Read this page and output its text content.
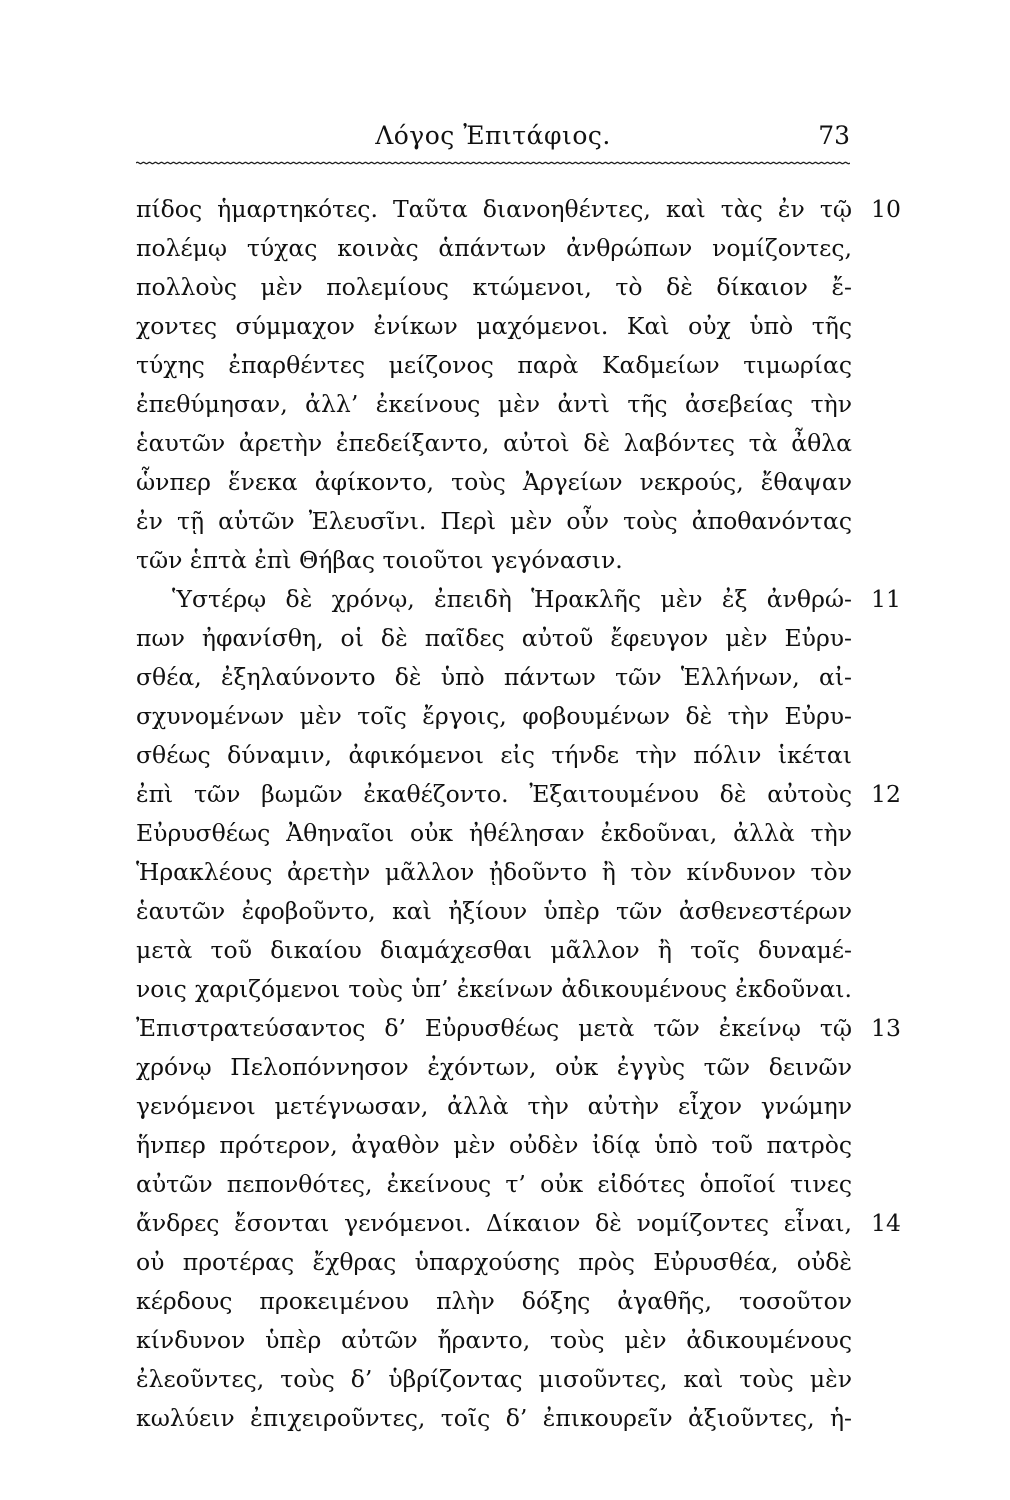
Λόγος Ἐπιτάφιος.	73
πίδος ἡμαρτηκότες. Ταῦτα διανοηθέντες, καὶ τὰς ἐν τῷ 10
πολέμῳ τύχας κοινὰς ἁπάντων ἀνθρώπων νομίζοντες,
πολλοὺς μὲν πολεμίους κτώμενοι, τὸ δὲ δίκαιον ἔ-
χοντες σύμμαχον ἐνίκων μαχόμενοι. Καὶ οὐχ ὑπὸ τῆς
τύχης ἐπαρθέντες μείζονος παρὰ Καδμείων τιμωρίας
ἐπεθύμησαν, ἀλλ’ ἐκείνους μὲν ἀντὶ τῆς ἀσεβείας τὴν
ἑαυτῶν ἀρετὴν ἐπεδείξαντο, αὐτοὶ δὲ λαβόντες τὰ ἆθλα
ὧνπερ ἕνεκα ἀφίκοντο, τοὺς Ἀργείων νεκρούς, ἔθαψαν
ἐν τῇ αὑτῶν Ἐλευσῖνι. Περὶ μὲν οὖν τοὺς ἀποθανόντας
τῶν ἑπτὰ ἐπὶ Θήβας τοιοῦτοι γεγόνασιν.
Ὑστέρῳ δὲ χρόνῳ, ἐπειδὴ Ἡρακλῆς μὲν ἐξ ἀνθρώ- 11
πων ἠφανίσθη, οἱ δὲ παῖδες αὐτοῦ ἔφευγον μὲν Εὐρυ-
σθέα, ἐξηλαύνοντο δὲ ὑπὸ πάντων τῶν Ἑλλήνων, αἰ-
σχυνομένων μὲν τοῖς ἔργοις, φοβουμένων δὲ τὴν Εὐρυ-
σθέως δύναμιν, ἀφικόμενοι εἰς τήνδε τὴν πόλιν ἱκέται
ἐπὶ τῶν βωμῶν ἐκαθέζοντο. Ἐξαιτουμένου δὲ αὐτοὺς 12
Εὐρυσθέως Ἀθηναῖοι οὐκ ἠθέλησαν ἐκδοῦναι, ἀλλὰ τὴν
Ἡρακλέους ἀρετὴν μᾶλλον ᾐδοῦντο ἢ τὸν κίνδυνον τὸν
ἑαυτῶν ἐφοβοῦντο, καὶ ἠξίουν ὑπὲρ τῶν ἀσθενεστέρων
μετὰ τοῦ δικαίου διαμάχεσθαι μᾶλλον ἢ τοῖς δυναμέ-
νοις χαριζόμενοι τοὺς ὑπ’ ἐκείνων ἀδικουμένους ἐκδοῦναι.
Ἐπιστρατεύσαντος δ’ Εὐρυσθέως μετὰ τῶν ἐκείνῳ τῷ 13
χρόνῳ Πελοπόννησον ἐχόντων, οὐκ ἐγγὺς τῶν δεινῶν
γενόμενοι μετέγνωσαν, ἀλλὰ τὴν αὐτὴν εἶχον γνώμην
ἥνπερ πρότερον, ἀγαθὸν μὲν οὐδὲν ἰδίᾳ ὑπὸ τοῦ πατρὸς
αὐτῶν πεπονθότες, ἐκείνους τ’ οὐκ εἰδότες ὁποῖοί τινες
ἄνδρες ἔσονται γενόμενοι. Δίκαιον δὲ νομίζοντες εἶναι, 14
οὐ προτέρας ἔχθρας ὑπαρχούσης πρὸς Εὐρυσθέα, οὐδὲ
κέρδους προκειμένου πλὴν δόξης ἀγαθῆς, τοσοῦτον
κίνδυνον ὑπὲρ αὐτῶν ἤραντο, τοὺς μὲν ἀδικουμένους
ἐλεοῦντες, τοὺς δ’ ὑβρίζοντας μισοῦντες, καὶ τοὺς μὲν
κωλύειν ἐπιχειροῦντες, τοῖς δ’ ἐπικουρεῖν ἀξιοῦντες, ἡ-
